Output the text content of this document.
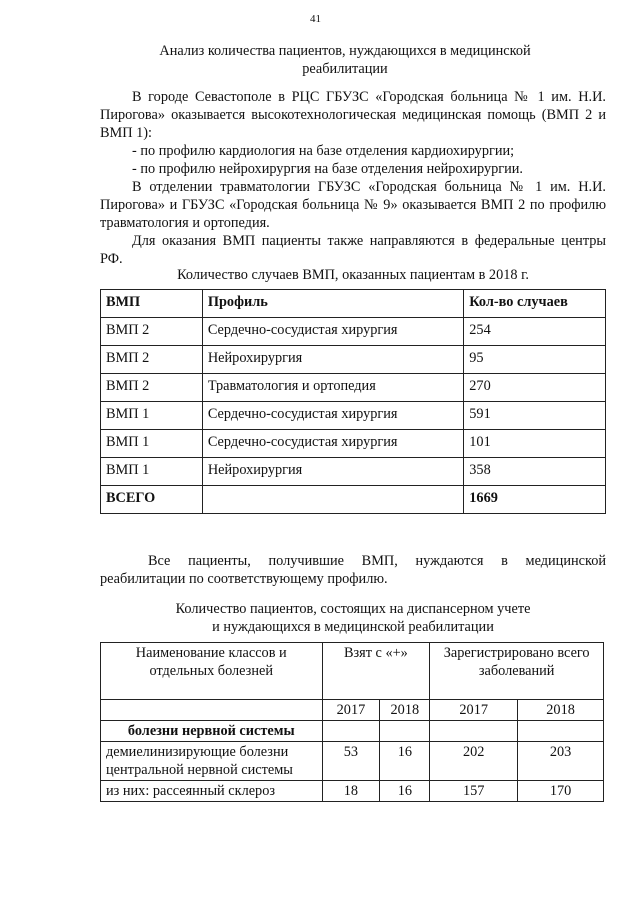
41
Анализ количества пациентов, нуждающихся в медицинской реабилитации

В городе Севастополе в РЦС ГБУЗС «Городская больница № 1 им. Н.И. Пирогова» оказывается высокотехнологическая медицинская помощь (ВМП 2 и ВМП 1):

- по профилю кардиология на базе отделения кардиохирургии;

- по профилю нейрохирургия на базе отделения нейрохирургии.

В отделении травматологии ГБУЗС «Городская больница № 1 им. Н.И. Пирогова» и ГБУЗС «Городская больница № 9» оказывается ВМП 2 по профилю травматология и ортопедия.

Для оказания ВМП пациенты также направляются в федеральные центры РФ.

Количество случаев ВМП, оказанных пациентам в 2018 г.
ВМП	Профиль	Кол-во случаев
ВМП 2	Сердечно-сосудистая хирургия	254
ВМП 2	Нейрохирургия	95
ВМП 2	Травматология и ортопедия	270
ВМП 1	Сердечно-сосудистая хирургия	591
ВМП 1	Сердечно-сосудистая хирургия	101
ВМП 1	Нейрохирургия	358
ВСЕГО		1669

Все пациенты, получившие ВМП, нуждаются в медицинской реабилитации по соответствующему профилю.

Количество пациентов, состоящих на диспансерном учете
и нуждающихся в медицинской реабилитации
Наименование классов и отдельных болезней	Взят с «+»		Зарегистрировано всего заболеваний	
	2017	2018	2017	2018
болезни нервной системы				
демиелинизирующие болезни центральной нервной системы	53	16	202	203
из них: рассеянный склероз	18	16	157	170
